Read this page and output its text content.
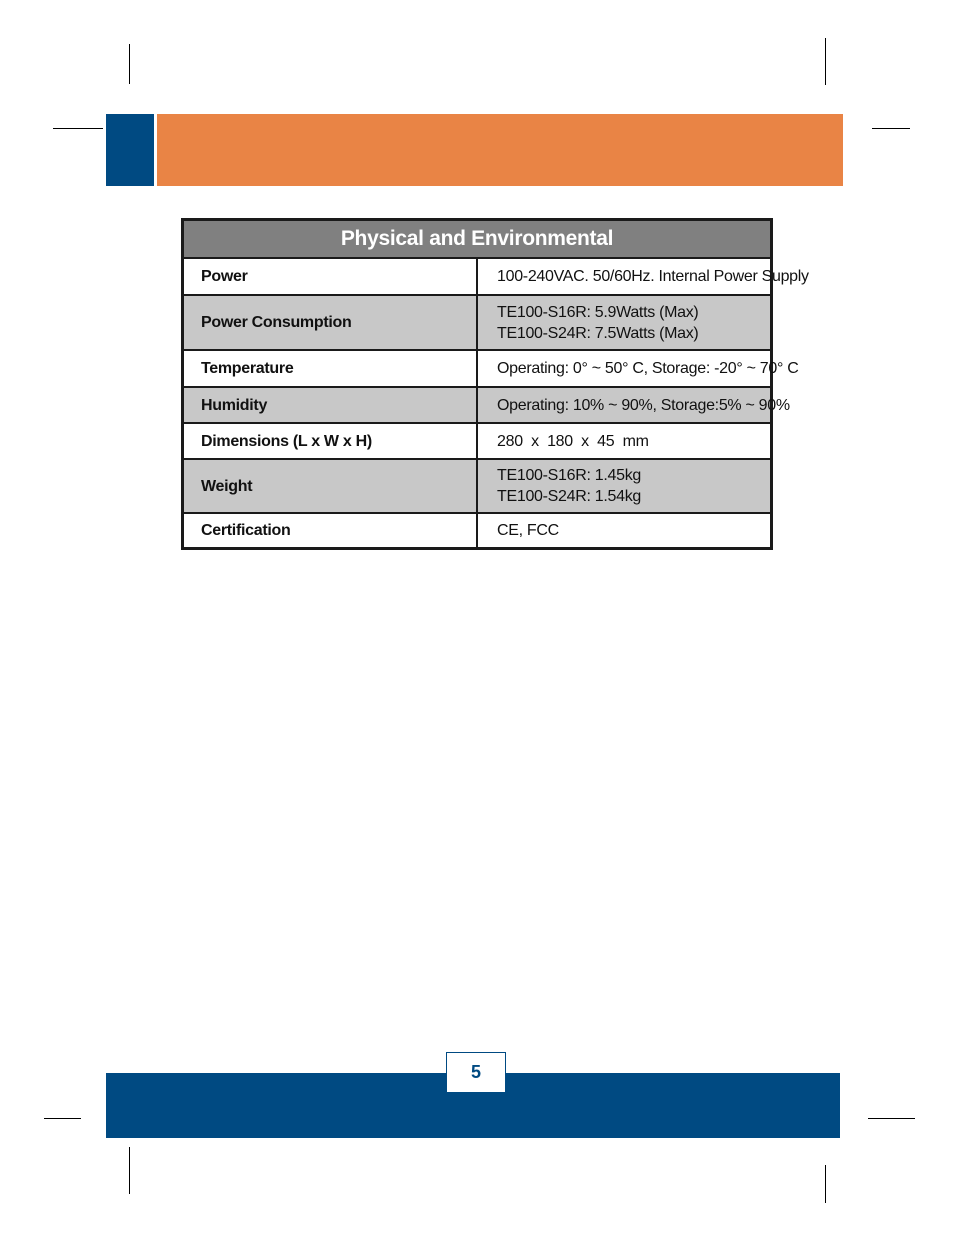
Physical and Environmental	
Power	100-240VAC. 50/60Hz. Internal Power Supply

Power Consumption	TE100-S16R: 5.9Watts (Max)
TE100-S24R: 7.5Watts (Max)

Temperature	Operating: 0° ~ 50° C, Storage: -20° ~ 70° C

Humidity	Operating: 10% ~ 90%, Storage:5% ~ 90%

Dimensions (L x W x H)	280  x  180  x  45  mm

Weight	TE100-S16R: 1.45kg
TE100-S24R: 1.54kg

Certification	CE, FCC
5
